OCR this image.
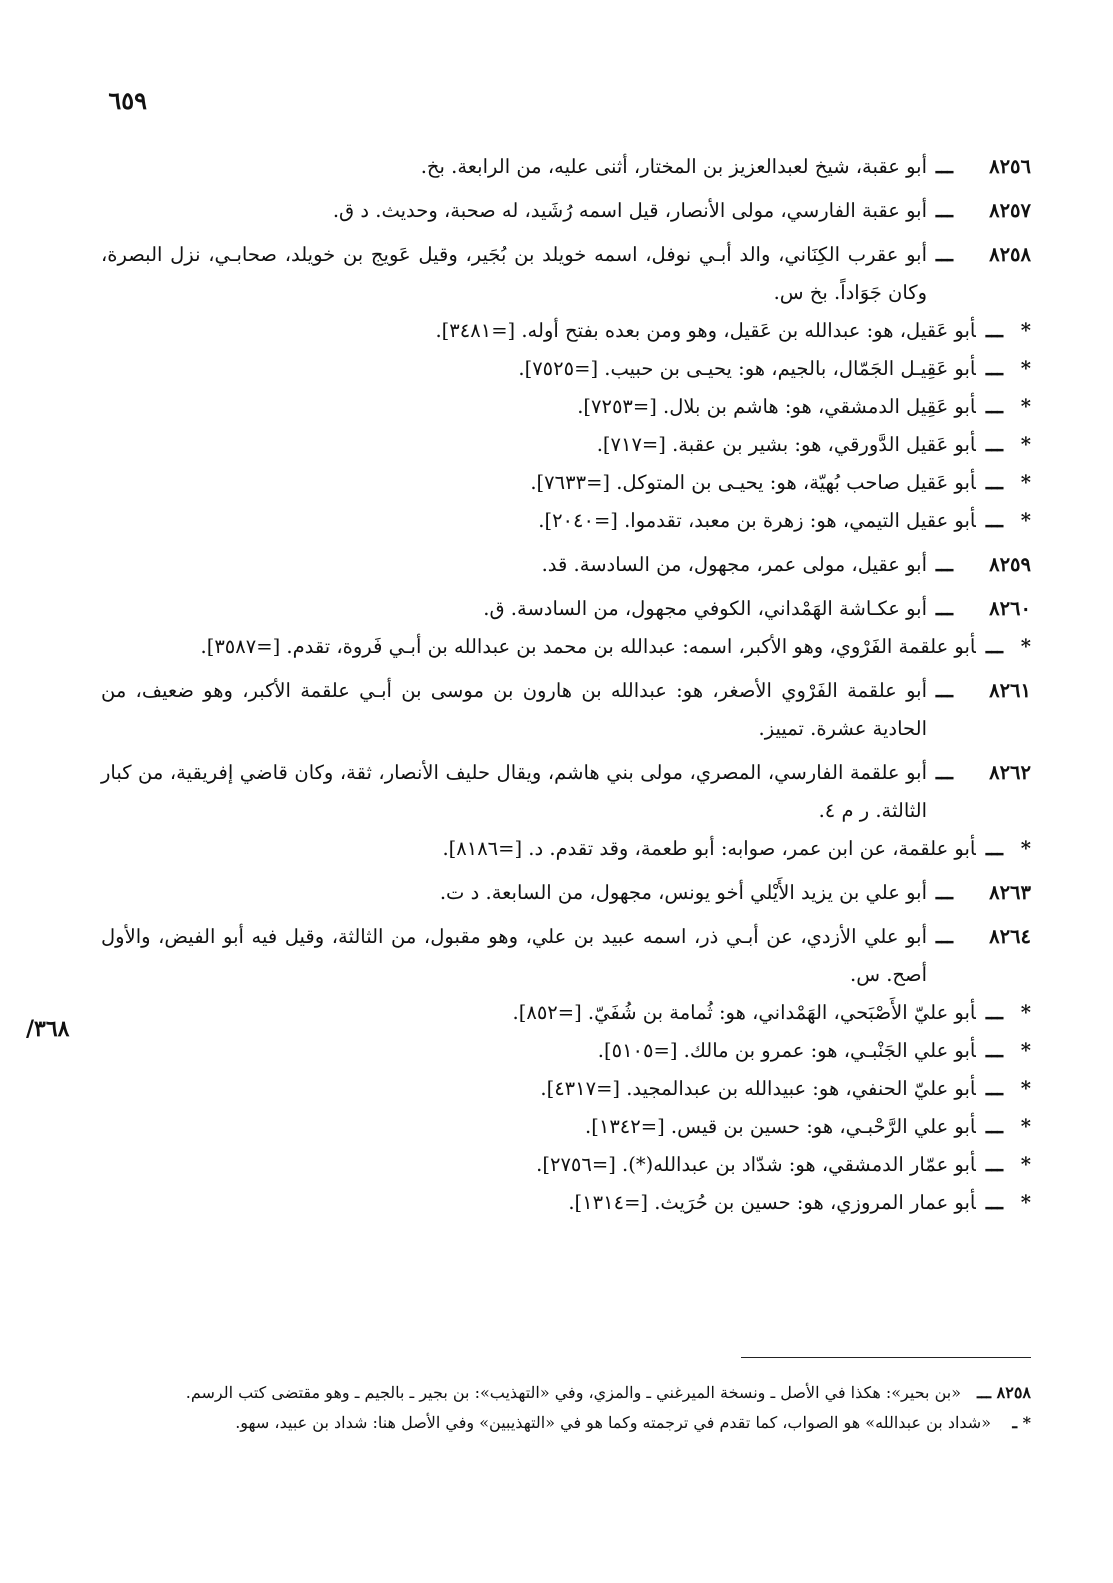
٦٥٩
/٣٦٨
٨٢٥٦
ـــ
أبو عقبة، شيخ لعبدالعزيز بن المختار، أثنى عليه، من الرابعة. بخ.
٨٢٥٧
ـــ
أبو عقبة الفارسي، مولى الأنصار، قيل اسمه رُشَيد، له صحبة، وحديث. د ق.
٨٢٥٨
ـــ
أبو عقرب الكِنَاني، والد أبـي نوفل، اسمه خويلد بن بُجَير، وقيل عَويج بن خويلد، صحابـي، نزل البصرة، وكان جَوَاداً. بخ س.
*ـــأبو عَقيل، هو: عبدالله بن عَقيل، وهو ومن بعده بفتح أوله. [=٣٤٨١].
*ـــأبو عَقِيـل الجَمّال، بالجيم، هو: يحيـى بن حبيب. [=٧٥٢٥].
*ـــأبو عَقِيل الدمشقي، هو: هاشم بن بلال. [=٧٢٥٣].
*ـــأبو عَقيل الدَّورقي، هو: بشير بن عقبة. [=٧١٧].
*ـــأبو عَقيل صاحب بُهيّة، هو: يحيـى بن المتوكل. [=٧٦٣٣].
*ـــأبو عقيل التيمي، هو: زهرة بن معبد، تقدموا. [=٢٠٤٠].
٨٢٥٩
ـــ
أبو عقيل، مولى عمر، مجهول، من السادسة. قد.
٨٢٦٠
ـــ
أبو عكـاشة الهَمْداني، الكوفي مجهول، من السادسة. ق.
*ـــأبو علقمة الفَرْوي، وهو الأكبر، اسمه: عبدالله بن محمد بن عبدالله بن أبـي فَروة، تقدم. [=٣٥٨٧].
٨٢٦١
ـــ
أبو علقمة الفَرْوي الأصغر، هو: عبدالله بن هارون بن موسى بن أبـي علقمة الأكبر، وهو ضعيف، من الحادية عشرة. تمييز.
٨٢٦٢
ـــ
أبو علقمة الفارسي، المصري، مولى بني هاشم، ويقال حليف الأنصار، ثقة، وكان قاضي إفريقية، من كبار الثالثة. ر م ٤.
*ـــأبو علقمة، عن ابن عمر، صوابه: أبو طعمة، وقد تقدم. د. [=٨١٨٦].
٨٢٦٣
ـــ
أبو علي بن يزيد الأَيْلي أخو يونس، مجهول، من السابعة. د ت.
٨٢٦٤
ـــ
أبو علي الأزدي، عن أبـي ذر، اسمه عبيد بن علي، وهو مقبول، من الثالثة، وقيل فيه أبو الفيض، والأول أصح. س.
*ـــأبو عليّ الأَصْبَحي، الهَمْداني، هو: ثُمامة بن شُفَيّ. [=٨٥٢].
*ـــأبو علي الجَنْبـي، هو: عمرو بن مالك. [=٥١٠٥].
*ـــأبو عليّ الحنفي، هو: عبيدالله بن عبدالمجيد. [=٤٣١٧].
*ـــأبو علي الرَّحْبـي، هو: حسين بن قيس. [=١٣٤٢].
*ـــأبو عمّار الدمشقي، هو: شدّاد بن عبدالله(*). [=٢٧٥٦].
*ـــأبو عمار المروزي، هو: حسين بن حُرَيث. [=١٣١٤].
٨٢٥٨ ـــ
«بن بحير»: هكذا في الأصل ـ ونسخة الميرغني ـ والمزي، وفي «التهذيب»: بن بجير ـ بالجيم ـ وهو مقتضى كتب الرسم.
* ـ
«شداد بن عبدالله» هو الصواب، كما تقدم في ترجمته وكما هو في «التهذيبين» وفي الأصل هنا: شداد بن عبيد، سهو.
